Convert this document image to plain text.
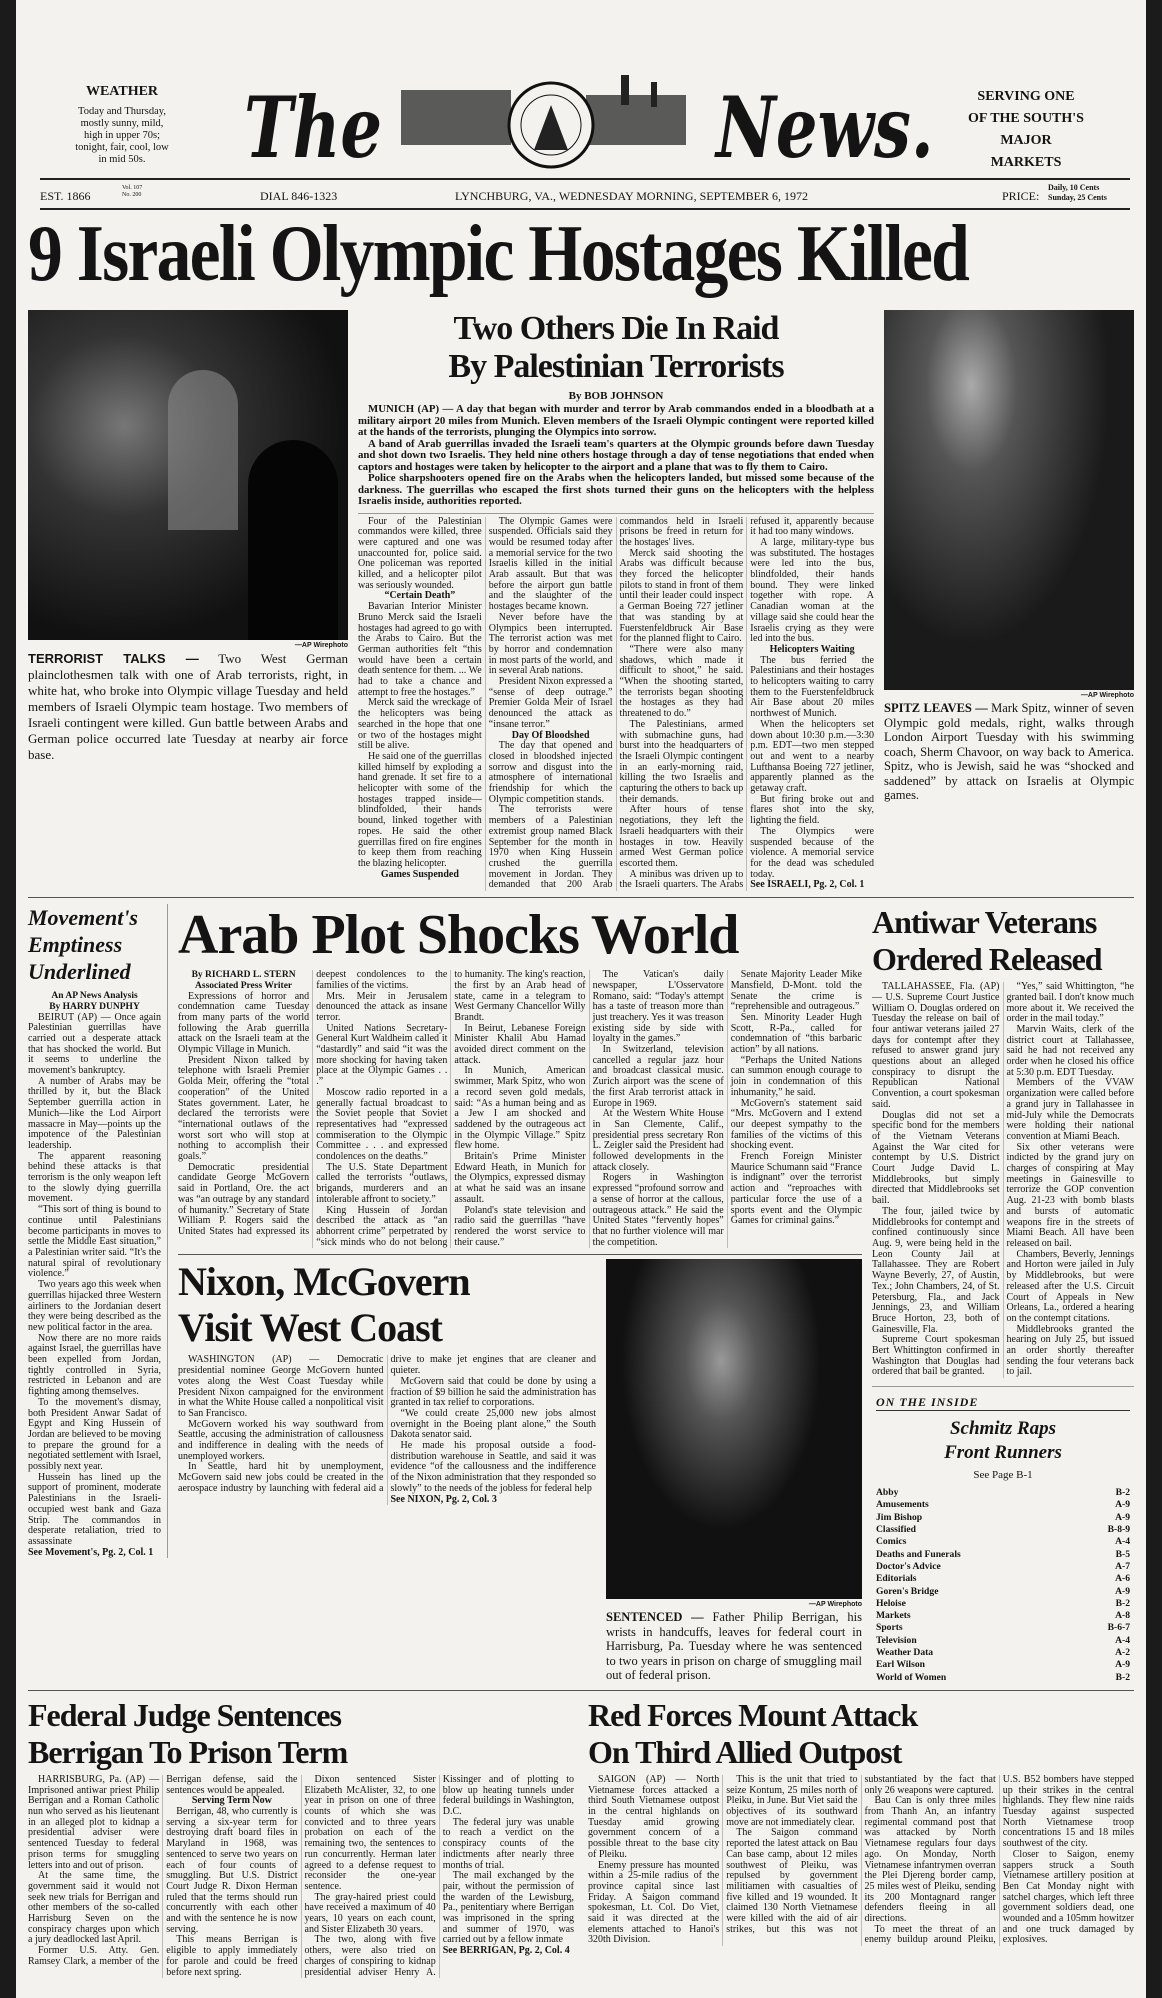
WEATHER
Today and Thursday, mostly sunny, mild, high in upper 70s; tonight, fair, cool, low in mid 50s.	The	News.	SERVING ONE OF THE SOUTH'S MAJOR MARKETS
EST. 1866
Vol. 107
No. 200	DIAL 846-1323	LYNCHBURG, VA., WEDNESDAY MORNING, SEPTEMBER 6, 1972	PRICE:
Daily, 10 Cents
Sunday, 25 Cents
9 Israeli Olympic Hostages Killed
—AP Wirephoto
TERRORIST TALKS — Two West German plainclothesmen talk with one of Arab terrorists, right, in white hat, who broke into Olympic village Tuesday and held members of Israeli Olympic team hostage. Two members of Israeli contingent were killed. Gun battle between Arabs and German police occurred late Tuesday at nearby air force base.
Two Others Die In Raid
By Palestinian Terrorists
By BOB JOHNSON

MUNICH (AP) — A day that began with murder and terror by Arab commandos ended in a bloodbath at a military airport 20 miles from Munich. Eleven members of the Israeli Olympic contingent were reported killed at the hands of the terrorists, plunging the Olympics into sorrow.

A band of Arab guerrillas invaded the Israeli team's quarters at the Olympic grounds before dawn Tuesday and shot down two Israelis. They held nine others hostage through a day of tense negotiations that ended when captors and hostages were taken by helicopter to the airport and a plane that was to fly them to Cairo.

Police sharpshooters opened fire on the Arabs when the helicopters landed, but missed some because of the darkness. The guerrillas who escaped the first shots turned their guns on the helicopters with the helpless Israelis inside, authorities reported.

Four of the Palestinian commandos were killed, three were captured and one was unaccounted for, police said. One policeman was reported killed, and a helicopter pilot was seriously wounded.

“Certain Death”

Bavarian Interior Minister Bruno Merck said the Israeli hostages had agreed to go with the Arabs to Cairo. But the German authorities felt “this would have been a certain death sentence for them. ... We had to take a chance and attempt to free the hostages.”

Merck said the wreckage of the helicopters was being searched in the hope that one or two of the hostages might still be alive.

He said one of the guerrillas killed himself by exploding a hand grenade. It set fire to a helicopter with some of the hostages trapped inside—blindfolded, their hands bound, linked together with ropes. He said the other guerrillas fired on fire engines to keep them from reaching the blazing helicopter.

Games Suspended

The Olympic Games were suspended. Officials said they would be resumed today after a memorial service for the two Israelis killed in the initial Arab assault. But that was before the airport gun battle and the slaughter of the hostages became known.

Never before have the Olympics been interrupted. The terrorist action was met by horror and condemnation in most parts of the world, and in several Arab nations.

President Nixon expressed a “sense of deep outrage.” Premier Golda Meir of Israel denounced the attack as “insane terror.”

Day Of Bloodshed

The day that opened and closed in bloodshed injected sorrow and disgust into the atmosphere of international friendship for which the Olympic competition stands.

The terrorists were members of a Palestinian extremist group named Black September for the month in 1970 when King Hussein crushed the guerrilla movement in Jordan. They demanded that 200 Arab commandos held in Israeli prisons be freed in return for the hostages' lives.

Merck said shooting the Arabs was difficult because they forced the helicopter pilots to stand in front of them until their leader could inspect a German Boeing 727 jetliner that was standing by at Fuerstenfeldbruck Air Base for the planned flight to Cairo.

“There were also many shadows, which made it difficult to shoot,” he said. “When the shooting started, the terrorists began shooting the hostages as they had threatened to do.”

The Palestinians, armed with submachine guns, had burst into the headquarters of the Israeli Olympic contingent in an early-morning raid, killing the two Israelis and capturing the others to back up their demands.

After hours of tense negotiations, they left the Israeli headquarters with their hostages in tow. Heavily armed West German police escorted them.

A minibus was driven up to the Israeli quarters. The Arabs refused it, apparently because it had too many windows.

A large, military-type bus was substituted. The hostages were led into the bus, blindfolded, their hands bound. They were linked together with rope. A Canadian woman at the village said she could hear the Israelis crying as they were led into the bus.

Helicopters Waiting

The bus ferried the Palestinians and their hostages to helicopters waiting to carry them to the Fuerstenfeldbruck Air Base about 20 miles northwest of Munich.

When the helicopters set down about 10:30 p.m.—3:30 p.m. EDT—two men stepped out and went to a nearby Lufthansa Boeing 727 jetliner, apparently planned as the getaway craft.

But firing broke out and flares shot into the sky, lighting the field.

The Olympics were suspended because of the violence. A memorial service for the dead was scheduled today.

See ISRAELI, Pg. 2, Col. 1

—AP Wirephoto
SPITZ LEAVES — Mark Spitz, winner of seven Olympic gold medals, right, walks through London Airport Tuesday with his swimming coach, Sherm Chavoor, on way back to America. Spitz, who is Jewish, said he was “shocked and saddened” by attack on Israelis at Olympic games.
Movement's
Emptiness
Underlined

An AP News Analysis

By HARRY DUNPHY

BEIRUT (AP) — Once again Palestinian guerrillas have carried out a desperate attack that has shocked the world. But it seems to underline the movement's bankruptcy.

A number of Arabs may be thrilled by it, but the Black September guerrilla action in Munich—like the Lod Airport massacre in May—points up the impotence of the Palestinian leadership.

The apparent reasoning behind these attacks is that terrorism is the only weapon left to the slowly dying guerrilla movement.

“This sort of thing is bound to continue until Palestinians become participants in moves to settle the Middle East situation,” a Palestinian writer said. “It's the natural spiral of revolutionary violence.”

Two years ago this week when guerrillas hijacked three Western airliners to the Jordanian desert they were being described as the new political factor in the area.

Now there are no more raids against Israel, the guerrillas have been expelled from Jordan, tightly controlled in Syria, restricted in Lebanon and are fighting among themselves.

To the movement's dismay, both President Anwar Sadat of Egypt and King Hussein of Jordan are believed to be moving to prepare the ground for a negotiated settlement with Israel, possibly next year.

Hussein has lined up the support of prominent, moderate Palestinians in the Israeli-occupied west bank and Gaza Strip. The commandos in desperate retaliation, tried to assassinate

See Movement's, Pg. 2, Col. 1

Arab Plot Shocks World

By RICHARD L. STERN

Associated Press Writer

Expressions of horror and condemnation came Tuesday from many parts of the world following the Arab guerrilla attack on the Israeli team at the Olympic Village in Munich.

President Nixon talked by telephone with Israeli Premier Golda Meir, offering the “total cooperation” of the United States government. Later, he declared the terrorists were “international outlaws of the worst sort who will stop at nothing to accomplish their goals.”

Democratic presidential candidate George McGovern said in Portland, Ore. the act was “an outrage by any standard of humanity.” Secretary of State William P. Rogers said the United States had expressed its deepest condolences to the families of the victims.

Mrs. Meir in Jerusalem denounced the attack as insane terror.

United Nations Secretary-General Kurt Waldheim called it “dastardly” and said “it was the more shocking for having taken place at the Olympic Games . . .”

Moscow radio reported in a generally factual broadcast to the Soviet people that Soviet representatives had “expressed commiseration to the Olympic Committee . . . and expressed condolences on the deaths.”

The U.S. State Department called the terrorists “outlaws, brigands, murderers and an intolerable affront to society.”

King Hussein of Jordan described the attack as “an abhorrent crime” perpetrated by “sick minds who do not belong to humanity. The king's reaction, the first by an Arab head of state, came in a telegram to West Germany Chancellor Willy Brandt.

In Beirut, Lebanese Foreign Minister Khalil Abu Hamad avoided direct comment on the attack.

In Munich, American swimmer, Mark Spitz, who won a record seven gold medals, said: “As a human being and as a Jew I am shocked and saddened by the outrageous act in the Olympic Village.” Spitz flew home.

Britain's Prime Minister Edward Heath, in Munich for the Olympics, expressed dismay at what he said was an insane assault.

Poland's state television and radio said the guerrillas “have rendered the worst service to their cause.”

The Vatican's daily newspaper, L'Osservatore Romano, said: “Today's attempt has a taste of treason more than just treachery. Yes it was treason existing side by side with loyalty in the games.”

In Switzerland, television cancelled a regular jazz hour and broadcast classical music. Zurich airport was the scene of the first Arab terrorist attack in Europe in 1969.

At the Western White House in San Clemente, Calif., presidential press secretary Ron L. Zeigler said the President had followed developments in the attack closely.

Rogers in Washington expressed “profound sorrow and a sense of horror at the callous, outrageous attack.” He said the United States “fervently hopes” that no further violence will mar the competition.

Senate Majority Leader Mike Mansfield, D-Mont. told the Senate the crime is “reprehensible and outrageous.”

Sen. Minority Leader Hugh Scott, R-Pa., called for condemnation of “this barbaric action” by all nations.

“Perhaps the United Nations can summon enough courage to join in condemnation of this inhumanity,” he said.

McGovern's statement said “Mrs. McGovern and I extend our deepest sympathy to the families of the victims of this shocking event.

French Foreign Minister Maurice Schumann said “France is indignant” over the terrorist action and “reproaches with particular force the use of a sports event and the Olympic Games for criminal gains.”

Nixon, McGovern
Visit West Coast

WASHINGTON (AP) — Democratic presidential nominee George McGovern hunted votes along the West Coast Tuesday while President Nixon campaigned for the environment in what the White House called a nonpolitical visit to San Francisco.

McGovern worked his way southward from Seattle, accusing the administration of callousness and indifference in dealing with the needs of unemployed workers.

In Seattle, hard hit by unemployment, McGovern said new jobs could be created in the aerospace industry by launching with federal aid a drive to make jet engines that are cleaner and quieter.

McGovern said that could be done by using a fraction of $9 billion he said the administration has granted in tax relief to corporations.

“We could create 25,000 new jobs almost overnight in the Boeing plant alone,” the South Dakota senator said.

He made his proposal outside a food-distribution warehouse in Seattle, and said it was evidence “of the callousness and the indifference of the Nixon administration that they responded so slowly” to the needs of the jobless for federal help

See NIXON, Pg. 2, Col. 3

—AP Wirephoto
SENTENCED — Father Philip Berrigan, his wrists in handcuffs, leaves for federal court in Harrisburg, Pa. Tuesday where he was sentenced to two years in prison on charge of smuggling mail out of federal prison.
Antiwar Veterans
Ordered Released

TALLAHASSEE, Fla. (AP) — U.S. Supreme Court Justice William O. Douglas ordered on Tuesday the release on bail of four antiwar veterans jailed 27 days for contempt after they refused to answer grand jury questions about an alleged conspiracy to disrupt the Republican National Convention, a court spokesman said.

Douglas did not set a specific bond for the members of the Vietnam Veterans Against the War cited for contempt by U.S. District Court Judge David L. Middlebrooks, but simply directed that Middlebrooks set bail.

The four, jailed twice by Middlebrooks for contempt and confined continuously since Aug. 9, were being held in the Leon County Jail at Tallahassee. They are Robert Wayne Beverly, 27, of Austin, Tex.; John Chambers, 24, of St. Petersburg, Fla., and Jack Jennings, 23, and William Bruce Horton, 23, both of Gainesville, Fla.

Supreme Court spokesman Bert Whittington confirmed in Washington that Douglas had ordered that bail be granted.

“Yes,” said Whittington, “he granted bail. I don't know much more about it. We received the order in the mail today.”

Marvin Waits, clerk of the district court at Tallahassee, said he had not received any order when he closed his office at 5:30 p.m. EDT Tuesday.

Members of the VVAW organization were called before a grand jury in Tallahassee in mid-July while the Democrats were holding their national convention at Miami Beach.

Six other veterans were indicted by the grand jury on charges of conspiring at May meetings in Gainesville to terrorize the GOP convention Aug. 21-23 with bomb blasts and bursts of automatic weapons fire in the streets of Miami Beach. All have been released on bail.

Chambers, Beverly, Jennings and Horton were jailed in July by Middlebrooks, but were released after the U.S. Circuit Court of Appeals in New Orleans, La., ordered a hearing on the contempt citations.

Middlebrooks granted the hearing on July 25, but issued an order shortly thereafter sending the four veterans back to jail.

ON THE INSIDE
Schmitz Raps
Front Runners
See Page B-1
Abby	B-2
Amusements	A-9
Jim Bishop	A-9
Classified	B-8-9
Comics	A-4
Deaths and Funerals	B-5
Doctor's Advice	A-7
Editorials	A-6
Goren's Bridge	A-9
Heloise	B-2
Markets	A-8
Sports	B-6-7
Television	A-4
Weather Data	A-2
Earl Wilson	A-9
World of Women	B-2
Federal Judge Sentences
Berrigan To Prison Term

HARRISBURG, Pa. (AP) — Imprisoned antiwar priest Philip Berrigan and a Roman Catholic nun who served as his lieutenant in an alleged plot to kidnap a presidential adviser were sentenced Tuesday to federal prison terms for smuggling letters into and out of prison.

At the same time, the government said it would not seek new trials for Berrigan and other members of the so-called Harrisburg Seven on the conspiracy charges upon which a jury deadlocked last April.

Former U.S. Atty. Gen. Ramsey Clark, a member of the Berrigan defense, said the sentences would be appealed.

Serving Term Now

Berrigan, 48, who currently is serving a six-year term for destroying draft board files in Maryland in 1968, was sentenced to serve two years on each of four counts of smuggling. But U.S. District Court Judge R. Dixon Herman ruled that the terms should run concurrently with each other and with the sentence he is now serving.

This means Berrigan is eligible to apply immediately for parole and could be freed before next spring.

Dixon sentenced Sister Elizabeth McAlister, 32, to one year in prison on one of three counts of which she was convicted and to three years probation on each of the remaining two, the sentences to run concurrently. Herman later agreed to a defense request to reconsider the one-year sentence.

The gray-haired priest could have received a maximum of 40 years, 10 years on each count, and Sister Elizabeth 30 years.

The two, along with five others, were also tried on charges of conspiring to kidnap presidential adviser Henry A. Kissinger and of plotting to blow up heating tunnels under federal buildings in Washington, D.C.

The federal jury was unable to reach a verdict on the conspiracy counts of the indictments after nearly three months of trial.

The mail exchanged by the pair, without the permission of the warden of the Lewisburg, Pa., penitentiary where Berrigan was imprisoned in the spring and summer of 1970, was carried out by a fellow inmate

See BERRIGAN, Pg. 2, Col. 4

Red Forces Mount Attack
On Third Allied Outpost

SAIGON (AP) — North Vietnamese forces attacked a third South Vietnamese outpost in the central highlands on Tuesday amid growing government concern of a possible threat to the base city of Pleiku.

Enemy pressure has mounted within a 25-mile radius of the province capital since last Friday. A Saigon command spokesman, Lt. Col. Do Viet, said it was directed at the elements attached to Hanoi's 320th Division.

This is the unit that tried to seize Kontum, 25 miles north of Pleiku, in June. But Viet said the objectives of its southward move are not immediately clear.

The Saigon command reported the latest attack on Bau Can base camp, about 12 miles southwest of Pleiku, was repulsed by government militiamen with casualties of five killed and 19 wounded. It claimed 130 North Vietnamese were killed with the aid of air strikes, but this was not substantiated by the fact that only 26 weapons were captured.

Bau Can is only three miles from Thanh An, an infantry regimental command post that was attacked by North Vietnamese regulars four days ago. On Monday, North Vietnamese infantrymen overran the Plei Djereng border camp, 25 miles west of Pleiku, sending its 200 Montagnard ranger defenders fleeing in all directions.

To meet the threat of an enemy buildup around Pleiku, U.S. B52 bombers have stepped up their strikes in the central highlands. They flew nine raids Tuesday against suspected North Vietnamese troop concentrations 15 and 18 miles southwest of the city.

Closer to Saigon, enemy sappers struck a South Vietnamese artillery position at Ben Cat Monday night with satchel charges, which left three government soldiers dead, one wounded and a 105mm howitzer and one truck damaged by explosives.
